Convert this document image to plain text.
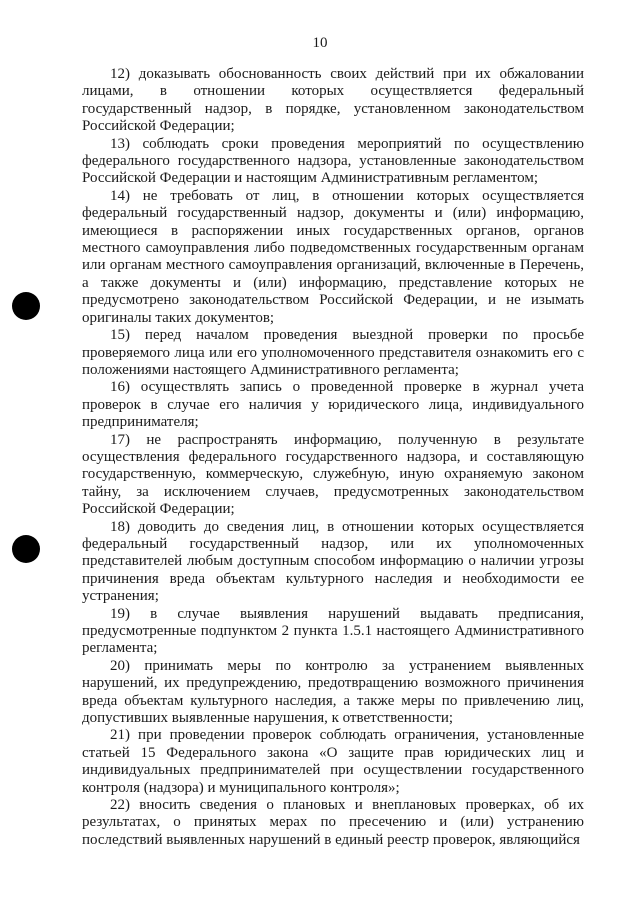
10

12) доказывать обоснованность своих действий при их обжаловании лицами, в отношении которых осуществляется федеральный государственный надзор, в порядке, установленном законодательством Российской Федерации;

13) соблюдать сроки проведения мероприятий по осуществлению федерального государственного надзора, установленные законодательством Российской Федерации и настоящим Административным регламентом;

14) не требовать от лиц, в отношении которых осуществляется федеральный государственный надзор, документы и (или) информацию, имеющиеся в распоряжении иных государственных органов, органов местного самоуправления либо подведомственных государственным органам или органам местного самоуправления организаций, включенные в Перечень, а также документы и (или) информацию, представление которых не предусмотрено законодательством Российской Федерации, и не изымать оригиналы таких документов;

15) перед началом проведения выездной проверки по просьбе проверяемого лица или его уполномоченного представителя ознакомить его с положениями настоящего Административного регламента;

16) осуществлять запись о проведенной проверке в журнал учета проверок в случае его наличия у юридического лица, индивидуального предпринимателя;

17) не распространять информацию, полученную в результате осуществления федерального государственного надзора, и составляющую государственную, коммерческую, служебную, иную охраняемую законом тайну, за исключением случаев, предусмотренных законодательством Российской Федерации;

18) доводить до сведения лиц, в отношении которых осуществляется федеральный государственный надзор, или их уполномоченных представителей любым доступным способом информацию о наличии угрозы причинения вреда объектам культурного наследия и необходимости ее устранения;

19) в случае выявления нарушений выдавать предписания, предусмотренные подпунктом 2 пункта 1.5.1 настоящего Административного регламента;

20) принимать меры по контролю за устранением выявленных нарушений, их предупреждению, предотвращению возможного причинения вреда объектам культурного наследия, а также меры по привлечению лиц, допустивших выявленные нарушения, к ответственности;

21) при проведении проверок соблюдать ограничения, установленные статьей 15 Федерального закона «О защите прав юридических лиц и индивидуальных предпринимателей при осуществлении государственного контроля (надзора) и муниципального контроля»;

22) вносить сведения о плановых и внеплановых проверках, об их результатах, о принятых мерах по пресечению и (или) устранению последствий выявленных нарушений в единый реестр проверок, являющийся
